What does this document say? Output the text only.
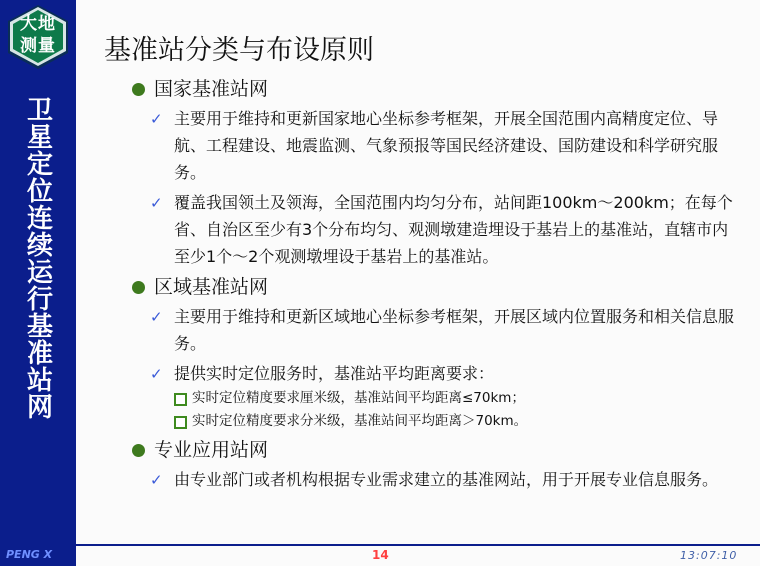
大地
测量
卫星定位连续运行基准站网
PENG X	14	13:07:10
基准站分类与布设原则
国家基准站网
✓ 主要用于维持和更新国家地心坐标参考框架，开展全国范围内高精度定位、导航、工程建设、地震监测、气象预报等国民经济建设、国防建设和科学研究服务。
✓ 覆盖我国领土及领海，全国范围内均匀分布，站间距100km～200km；在每个省、自治区至少有3个分布均匀、观测墩建造埋设于基岩上的基准站，直辖市内至少1个～2个观测墩埋设于基岩上的基准站。
区域基准站网
✓ 主要用于维持和更新区域地心坐标参考框架，开展区域内位置服务和相关信息服务。
✓ 提供实时定位服务时，基准站平均距离要求：
实时定位精度要求厘米级，基准站间平均距离≤70km；
实时定位精度要求分米级，基准站间平均距离＞70km。
专业应用站网
✓ 由专业部门或者机构根据专业需求建立的基准网站，用于开展专业信息服务。
